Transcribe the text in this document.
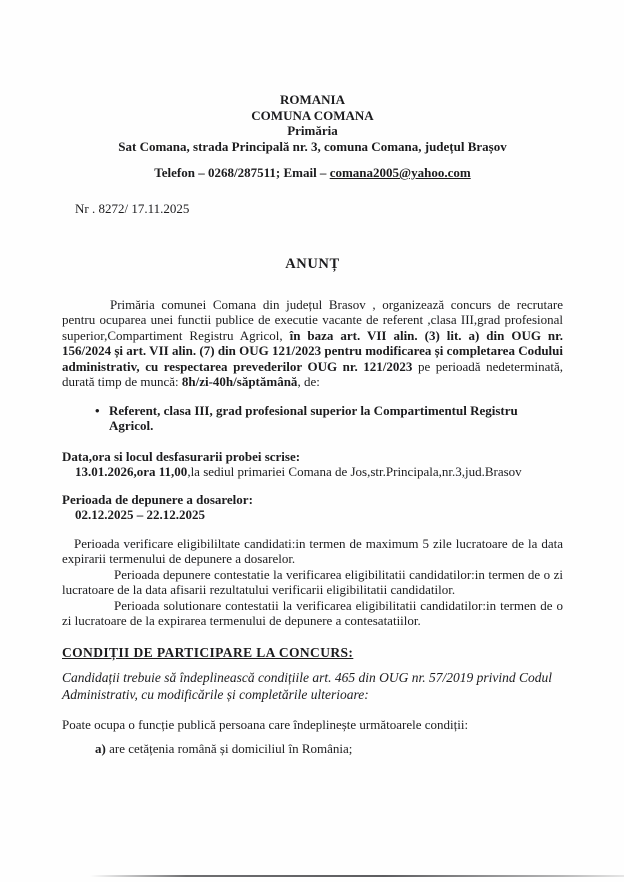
ROMANIA
COMUNA COMANA
Primăria
Sat Comana, strada Principală nr. 3, comuna Comana, județul Brașov
Telefon – 0268/287511; Email – comana2005@yahoo.com
Nr . 8272/ 17.11.2025
ANUNȚ

Primăria comunei Comana din județul Brasov , organizează concurs de recrutare pentru ocuparea unei functii publice de executie vacante de referent ,clasa III,grad profesional superior,Compartiment Registru Agricol, în baza art. VII alin. (3) lit. a) din OUG nr. 156/2024 și art. VII alin. (7) din OUG 121/2023 pentru modificarea și completarea Codului administrativ, cu respectarea prevederilor OUG nr. 121/2023 pe perioadă nedeterminată, durată timp de muncă: 8h/zi-40h/săptămână, de:

• Referent, clasa III, grad profesional superior la Compartimentul Registru Agricol.
Data,ora si locul desfasurarii probei scrise:
13.01.2026,ora 11,00,la sediul primariei Comana de Jos,str.Principala,nr.3,jud.Brasov
Perioada de depunere a dosarelor:
02.12.2025 – 22.12.2025

Perioada verificare eligibililtate candidati:in termen de maximum 5 zile lucratoare de la data expirarii termenului de depunere a dosarelor.

Perioada depunere contestatie la verificarea eligibilitatii candidatilor:in termen de o zi lucratoare de la data afisarii rezultatului verificarii eligibilitatii candidatilor.

Perioada solutionare contestatii la verificarea eligibilitatii candidatilor:in termen de o zi lucratoare de la expirarea termenului de depunere a contesatatiilor.

CONDIȚII DE PARTICIPARE LA CONCURS:

Candidații trebuie să îndeplinească condițiile art. 465 din OUG nr. 57/2019 privind Codul Administrativ, cu modificările și completările ulterioare:

Poate ocupa o funcție publică persoana care îndeplinește următoarele condiții:
a) are cetățenia română și domiciliul în România;
